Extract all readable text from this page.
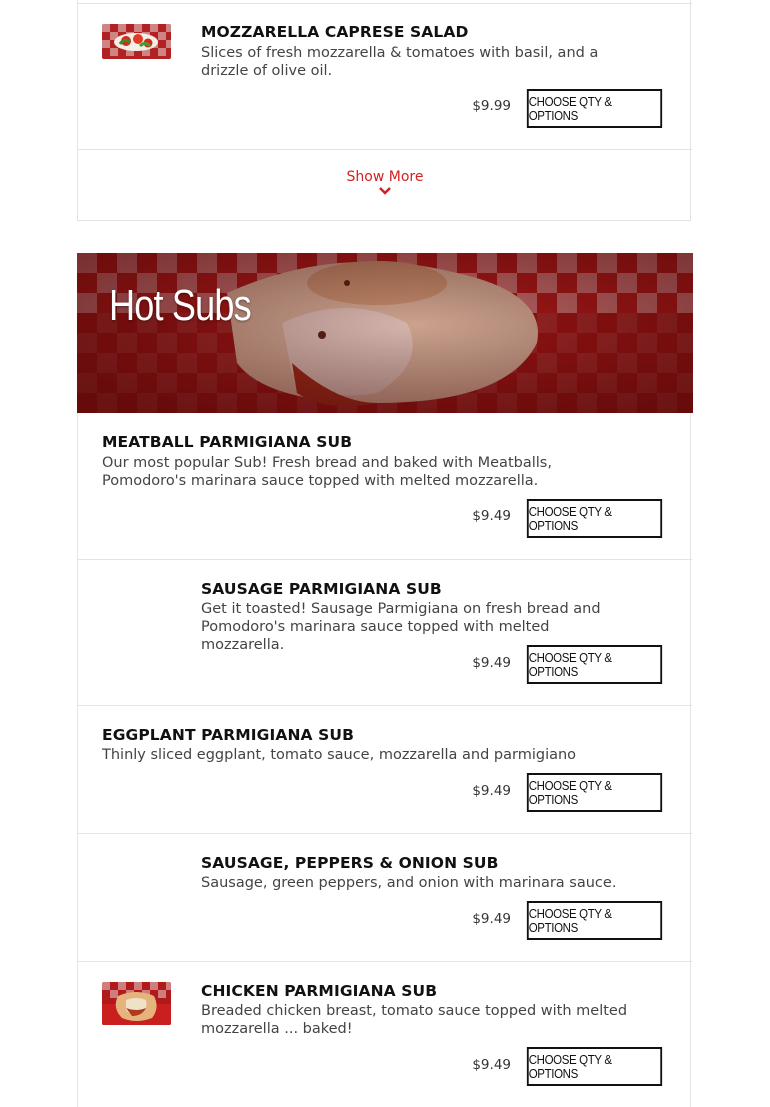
MOZZARELLA CAPRESE SALAD
Slices of fresh mozzarella & tomatoes with basil, and a drizzle of olive oil.
$9.99 CHOOSE QTY & OPTIONS
Show More
Hot Subs
MEATBALL PARMIGIANA SUB
Our most popular Sub! Fresh bread and baked with Meatballs, Pomodoro's marinara sauce topped with melted mozzarella.
$9.49 CHOOSE QTY & OPTIONS
SAUSAGE PARMIGIANA SUB
Get it toasted! Sausage Parmigiana on fresh bread and Pomodoro's marinara sauce topped with melted mozzarella.
$9.49 CHOOSE QTY & OPTIONS
EGGPLANT PARMIGIANA SUB
Thinly sliced eggplant, tomato sauce, mozzarella and parmigiano
$9.49 CHOOSE QTY & OPTIONS
SAUSAGE, PEPPERS & ONION SUB
Sausage, green peppers, and onion with marinara sauce.
$9.49 CHOOSE QTY & OPTIONS
CHICKEN PARMIGIANA SUB
Breaded chicken breast, tomato sauce topped with melted mozzarella ... baked!
$9.49 CHOOSE QTY & OPTIONS
